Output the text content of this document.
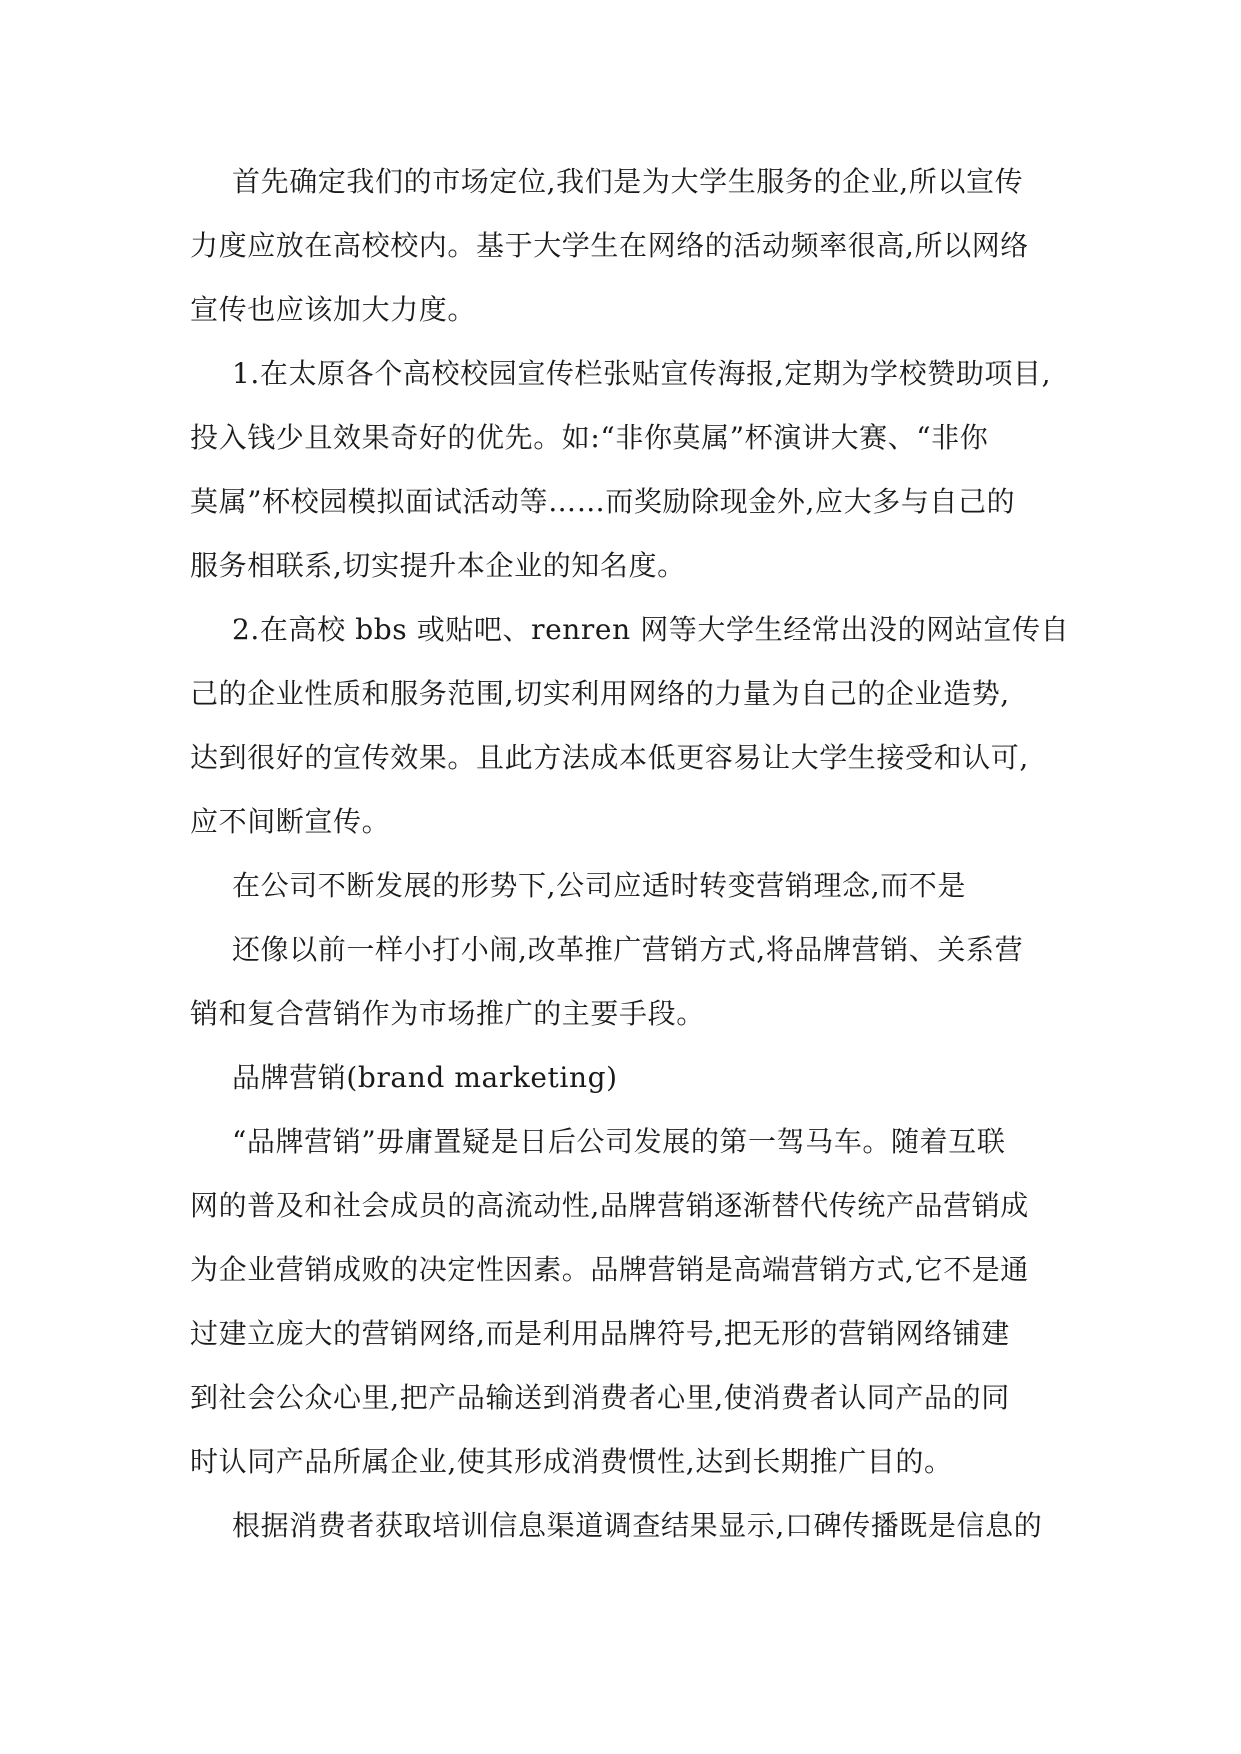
首先确定我们的市场定位,我们是为大学生服务的企业,所以宣传
力度应放在高校校内。基于大学生在网络的活动频率很高,所以网络
宣传也应该加大力度。
1.在太原各个高校校园宣传栏张贴宣传海报,定期为学校赞助项目,
投入钱少且效果奇好的优先。如:“非你莫属”杯演讲大赛、“非你
莫属”杯校园模拟面试活动等……而奖励除现金外,应大多与自己的
服务相联系,切实提升本企业的知名度。
2.在高校 bbs 或贴吧、renren 网等大学生经常出没的网站宣传自
己的企业性质和服务范围,切实利用网络的力量为自己的企业造势,
达到很好的宣传效果。且此方法成本低更容易让大学生接受和认可,
应不间断宣传。
在公司不断发展的形势下,公司应适时转变营销理念,而不是
还像以前一样小打小闹,改革推广营销方式,将品牌营销、关系营
销和复合营销作为市场推广的主要手段。
品牌营销(brand marketing)
“品牌营销”毋庸置疑是日后公司发展的第一驾马车。随着互联
网的普及和社会成员的高流动性,品牌营销逐渐替代传统产品营销成
为企业营销成败的决定性因素。品牌营销是高端营销方式,它不是通
过建立庞大的营销网络,而是利用品牌符号,把无形的营销网络铺建
到社会公众心里,把产品输送到消费者心里,使消费者认同产品的同
时认同产品所属企业,使其形成消费惯性,达到长期推广目的。
根据消费者获取培训信息渠道调查结果显示,口碑传播既是信息的
